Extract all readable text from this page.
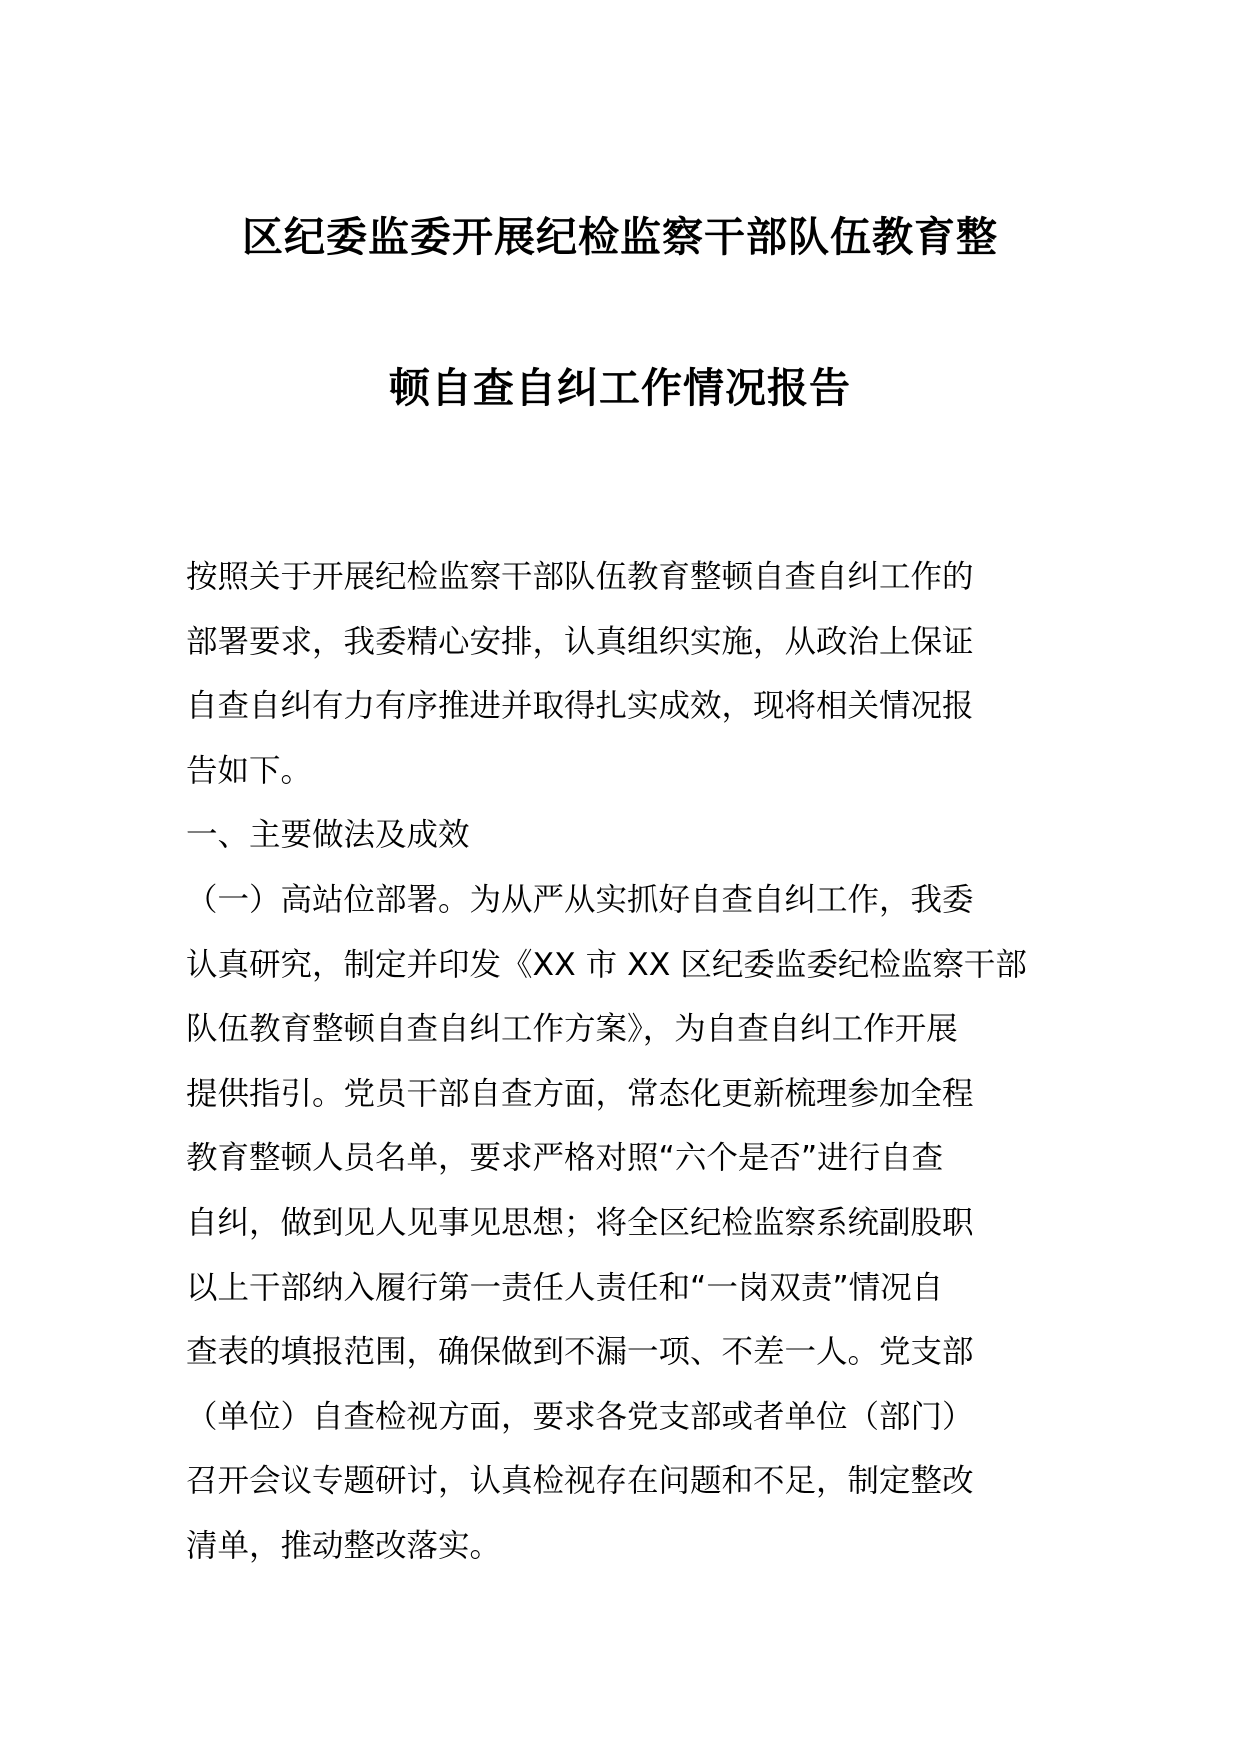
区纪委监委开展纪检监察干部队伍教育整
顿自查自纠工作情况报告
按照关于开展纪检监察干部队伍教育整顿自查自纠工作的
部署要求，我委精心安排，认真组织实施，从政治上保证
自查自纠有力有序推进并取得扎实成效，现将相关情况报
告如下。
一、主要做法及成效
（一）高站位部署。为从严从实抓好自查自纠工作，我委
认真研究，制定并印发《XX 市 XX 区纪委监委纪检监察干部
队伍教育整顿自查自纠工作方案》，为自查自纠工作开展
提供指引。党员干部自查方面，常态化更新梳理参加全程
教育整顿人员名单，要求严格对照“六个是否”进行自查
自纠，做到见人见事见思想；将全区纪检监察系统副股职
以上干部纳入履行第一责任人责任和“一岗双责”情况自
查表的填报范围，确保做到不漏一项、不差一人。党支部
（单位）自查检视方面，要求各党支部或者单位（部门）
召开会议专题研讨，认真检视存在问题和不足，制定整改
清单，推动整改落实。
